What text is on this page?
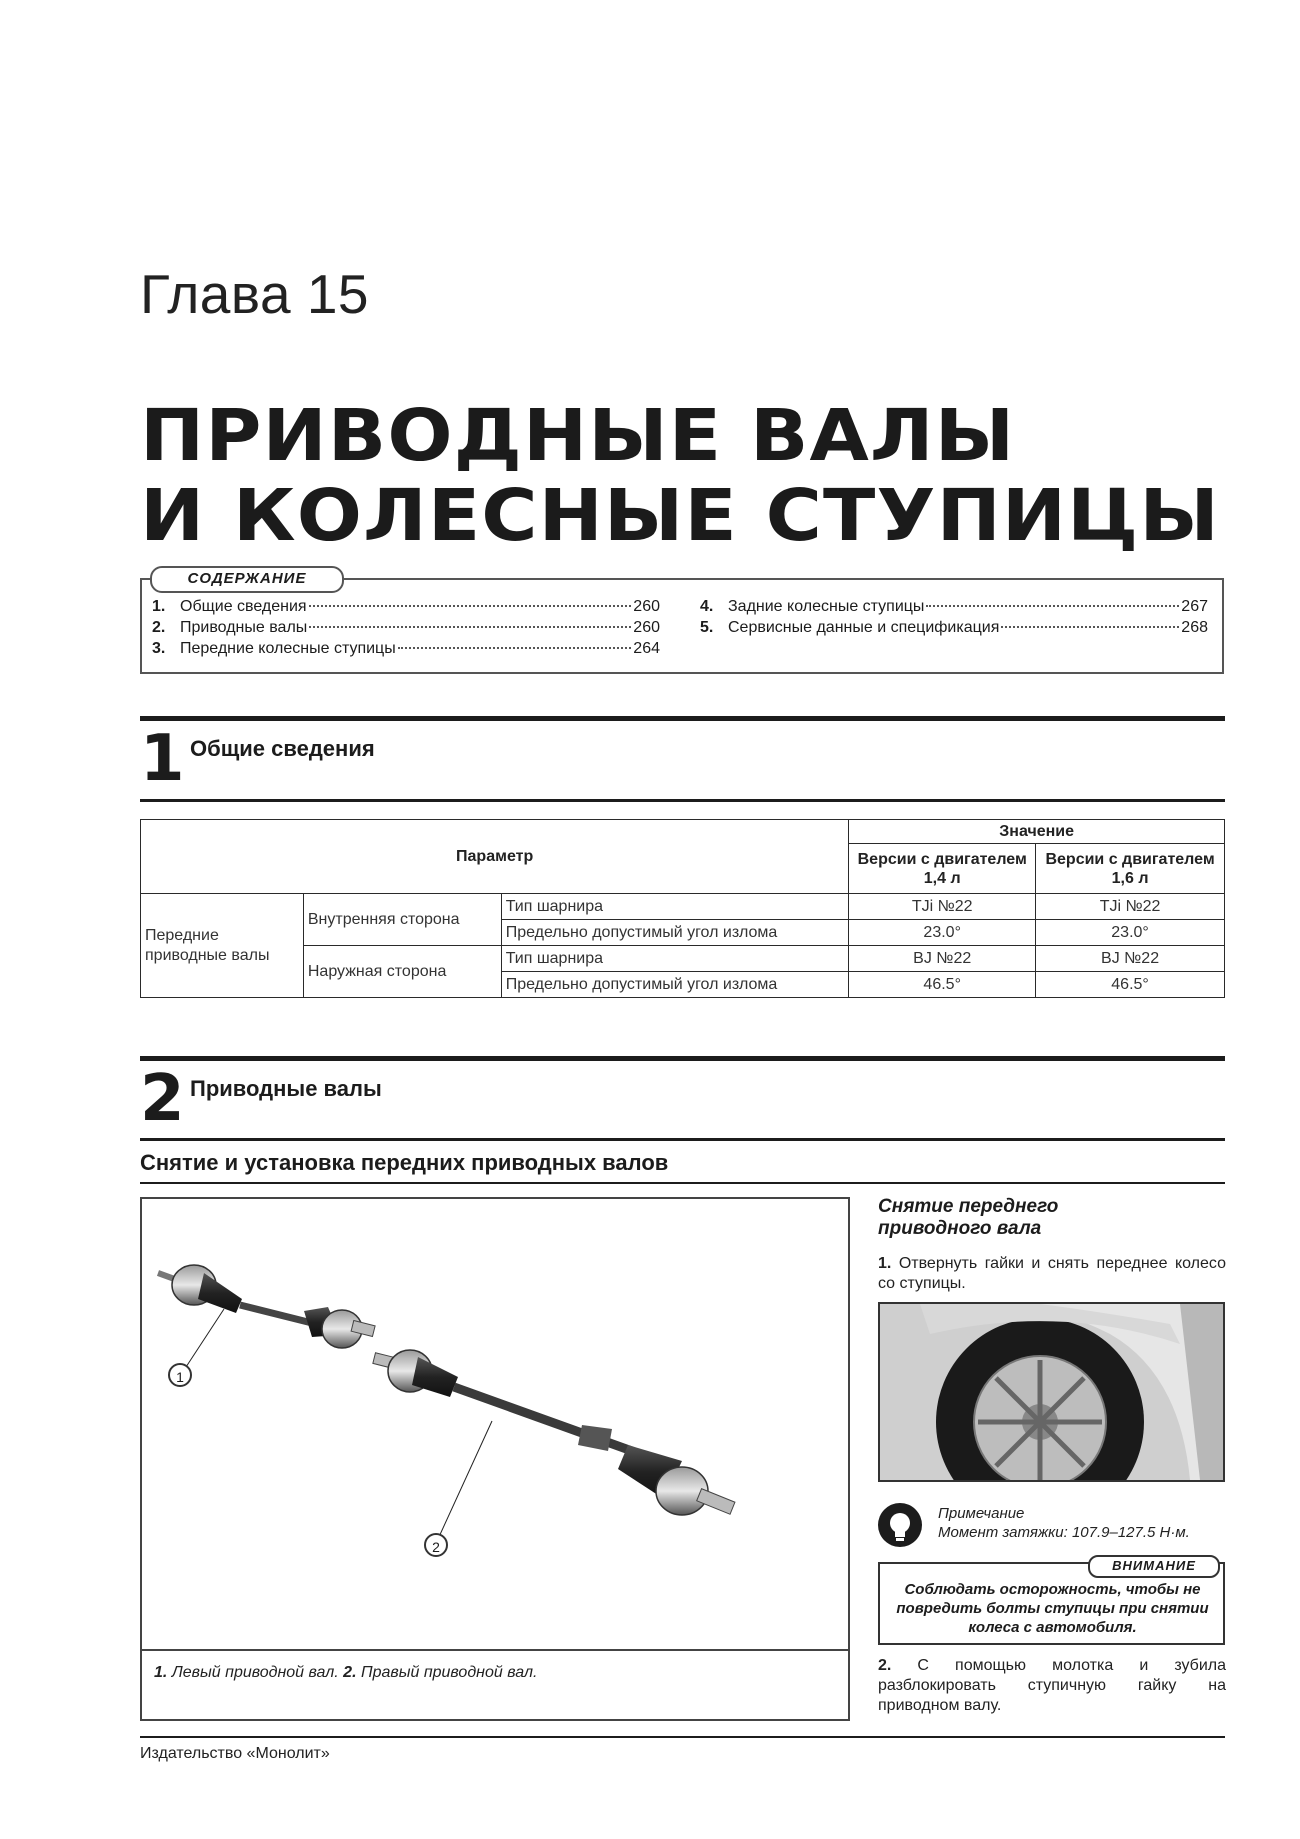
Глава 15
ПРИВОДНЫЕ ВАЛЫ
И КОЛЕСНЫЕ СТУПИЦЫ
СОДЕРЖАНИЕ
1. Общие сведения	260
2. Приводные валы	260
3. Передние колесные ступицы	264
4. Задние колесные ступицы	267
5. Сервисные данные и спецификация	268
1 Общие сведения
Параметр			Значение	
			Версии с двигателем 1,4 л	Версии с двигателем 1,6 л
Передние приводные валы	Внутренняя сторона	Тип шарнира	TJi №22	TJi №22
		Предельно допустимый угол излома	23.0°	23.0°
	Наружная сторона	Тип шарнира	BJ №22	BJ №22
		Предельно допустимый угол излома	46.5°	46.5°
2 Приводные валы
Снятие и установка передних приводных валов
1
2
1. Левый приводной вал. 2. Правый приводной вал.
Снятие переднего
приводного вала
1. Отвернуть гайки и снять переднее колесо со ступицы.
Примечание
Момент затяжки: 107.9–127.5 Н·м.
ВНИМАНИЕ
Соблюдать осторожность, чтобы не повредить болты ступицы при снятии колеса с автомобиля.
2. С помощью молотка и зубила разблокировать ступичную гайку на приводном валу.
Издательство «Монолит»
